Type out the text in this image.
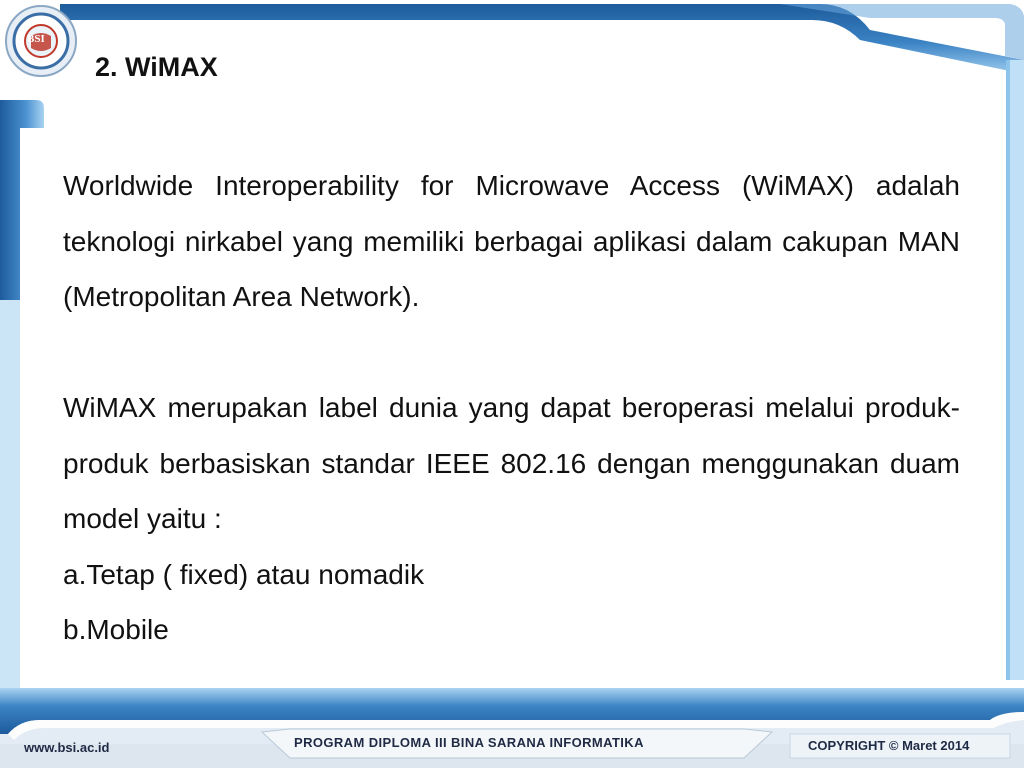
BSI
2. WiMAX

Worldwide Interoperability for Microwave Access (WiMAX) adalah teknologi nirkabel yang memiliki berbagai aplikasi dalam cakupan MAN (Metropolitan Area Network).

WiMAX merupakan label dunia yang dapat beroperasi melalui produk-produk berbasiskan standar IEEE 802.16 dengan menggunakan duam model yaitu :

a.Tetap ( fixed) atau nomadik

b.Mobile

www.bsi.ac.id	PROGRAM DIPLOMA III BINA SARANA INFORMATIKA	COPYRIGHT © Maret 2014
